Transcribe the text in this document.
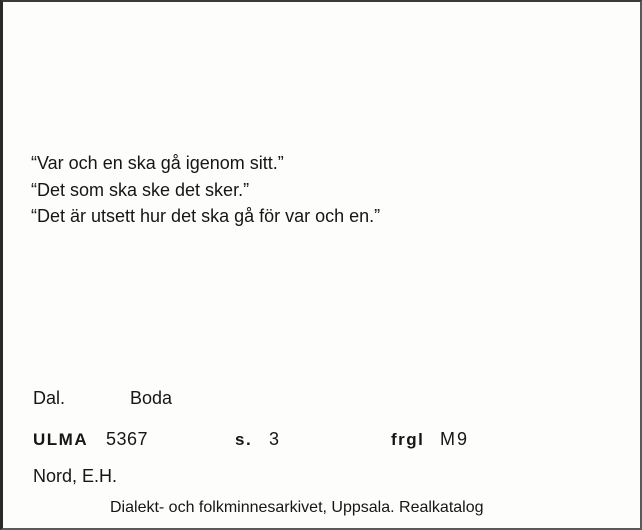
“Var och en ska gå igenom sitt.”
“Det som ska ske det sker.”
“Det är utsett hur det ska gå för var och en.”
Dal.	Boda
ULMA 5367	s. 3	frgl M9
Nord, E.H.
Dialekt- och folkminnesarkivet, Uppsala. Realkatalog
